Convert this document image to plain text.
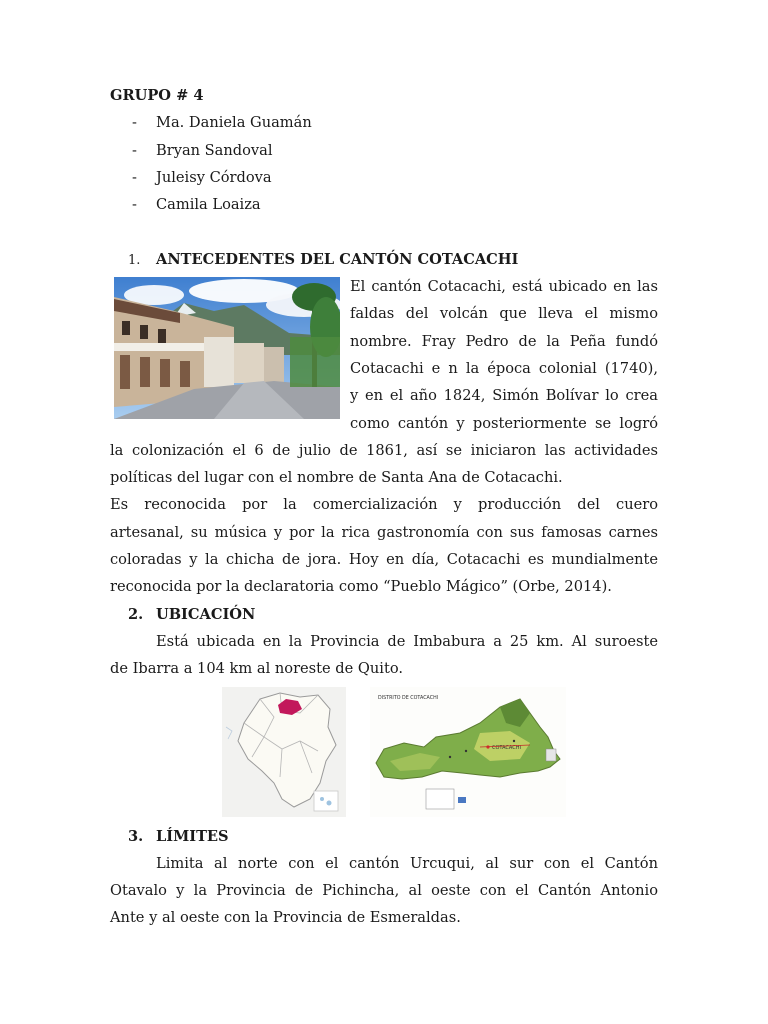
GRUPO # 4
- Ma. Daniela Guamán
- Bryan Sandoval
- Juleisy Córdova
- Camila Loaiza
1. ANTECEDENTES DEL CANTÓN COTACACHI
El cantón Cotacachi, está ubicado en las
faldas del volcán que lleva el mismo
nombre. Fray Pedro de la Peña fundó
Cotacachi e n la época colonial (1740),
y en el año 1824, Simón Bolívar lo crea
como cantón y posteriormente se logró
la colonización el 6 de julio de 1861, así se iniciaron las actividades
políticas del lugar con el nombre de Santa Ana de Cotacachi.
Es reconocida por la comercialización y producción del cuero
artesanal, su música y por la rica gastronomía con sus famosas carnes
coloradas y la chicha de jora. Hoy en día, Cotacachi es mundialmente
reconocida por la declaratoria como “Pueblo Mágico” (Orbe, 2014).
2. UBICACIÓN
Está ubicada en la Provincia de Imbabura a 25 km. Al suroeste
de Ibarra a 104 km al noreste de Quito.
DISTRITO DE COTACACHI
COTACACHI
3. LÍMITES
Limita al norte con el cantón Urcuqui, al sur con el Cantón
Otavalo y la Provincia de Pichincha, al oeste con el Cantón Antonio
Ante y al oeste con la Provincia de Esmeraldas.
